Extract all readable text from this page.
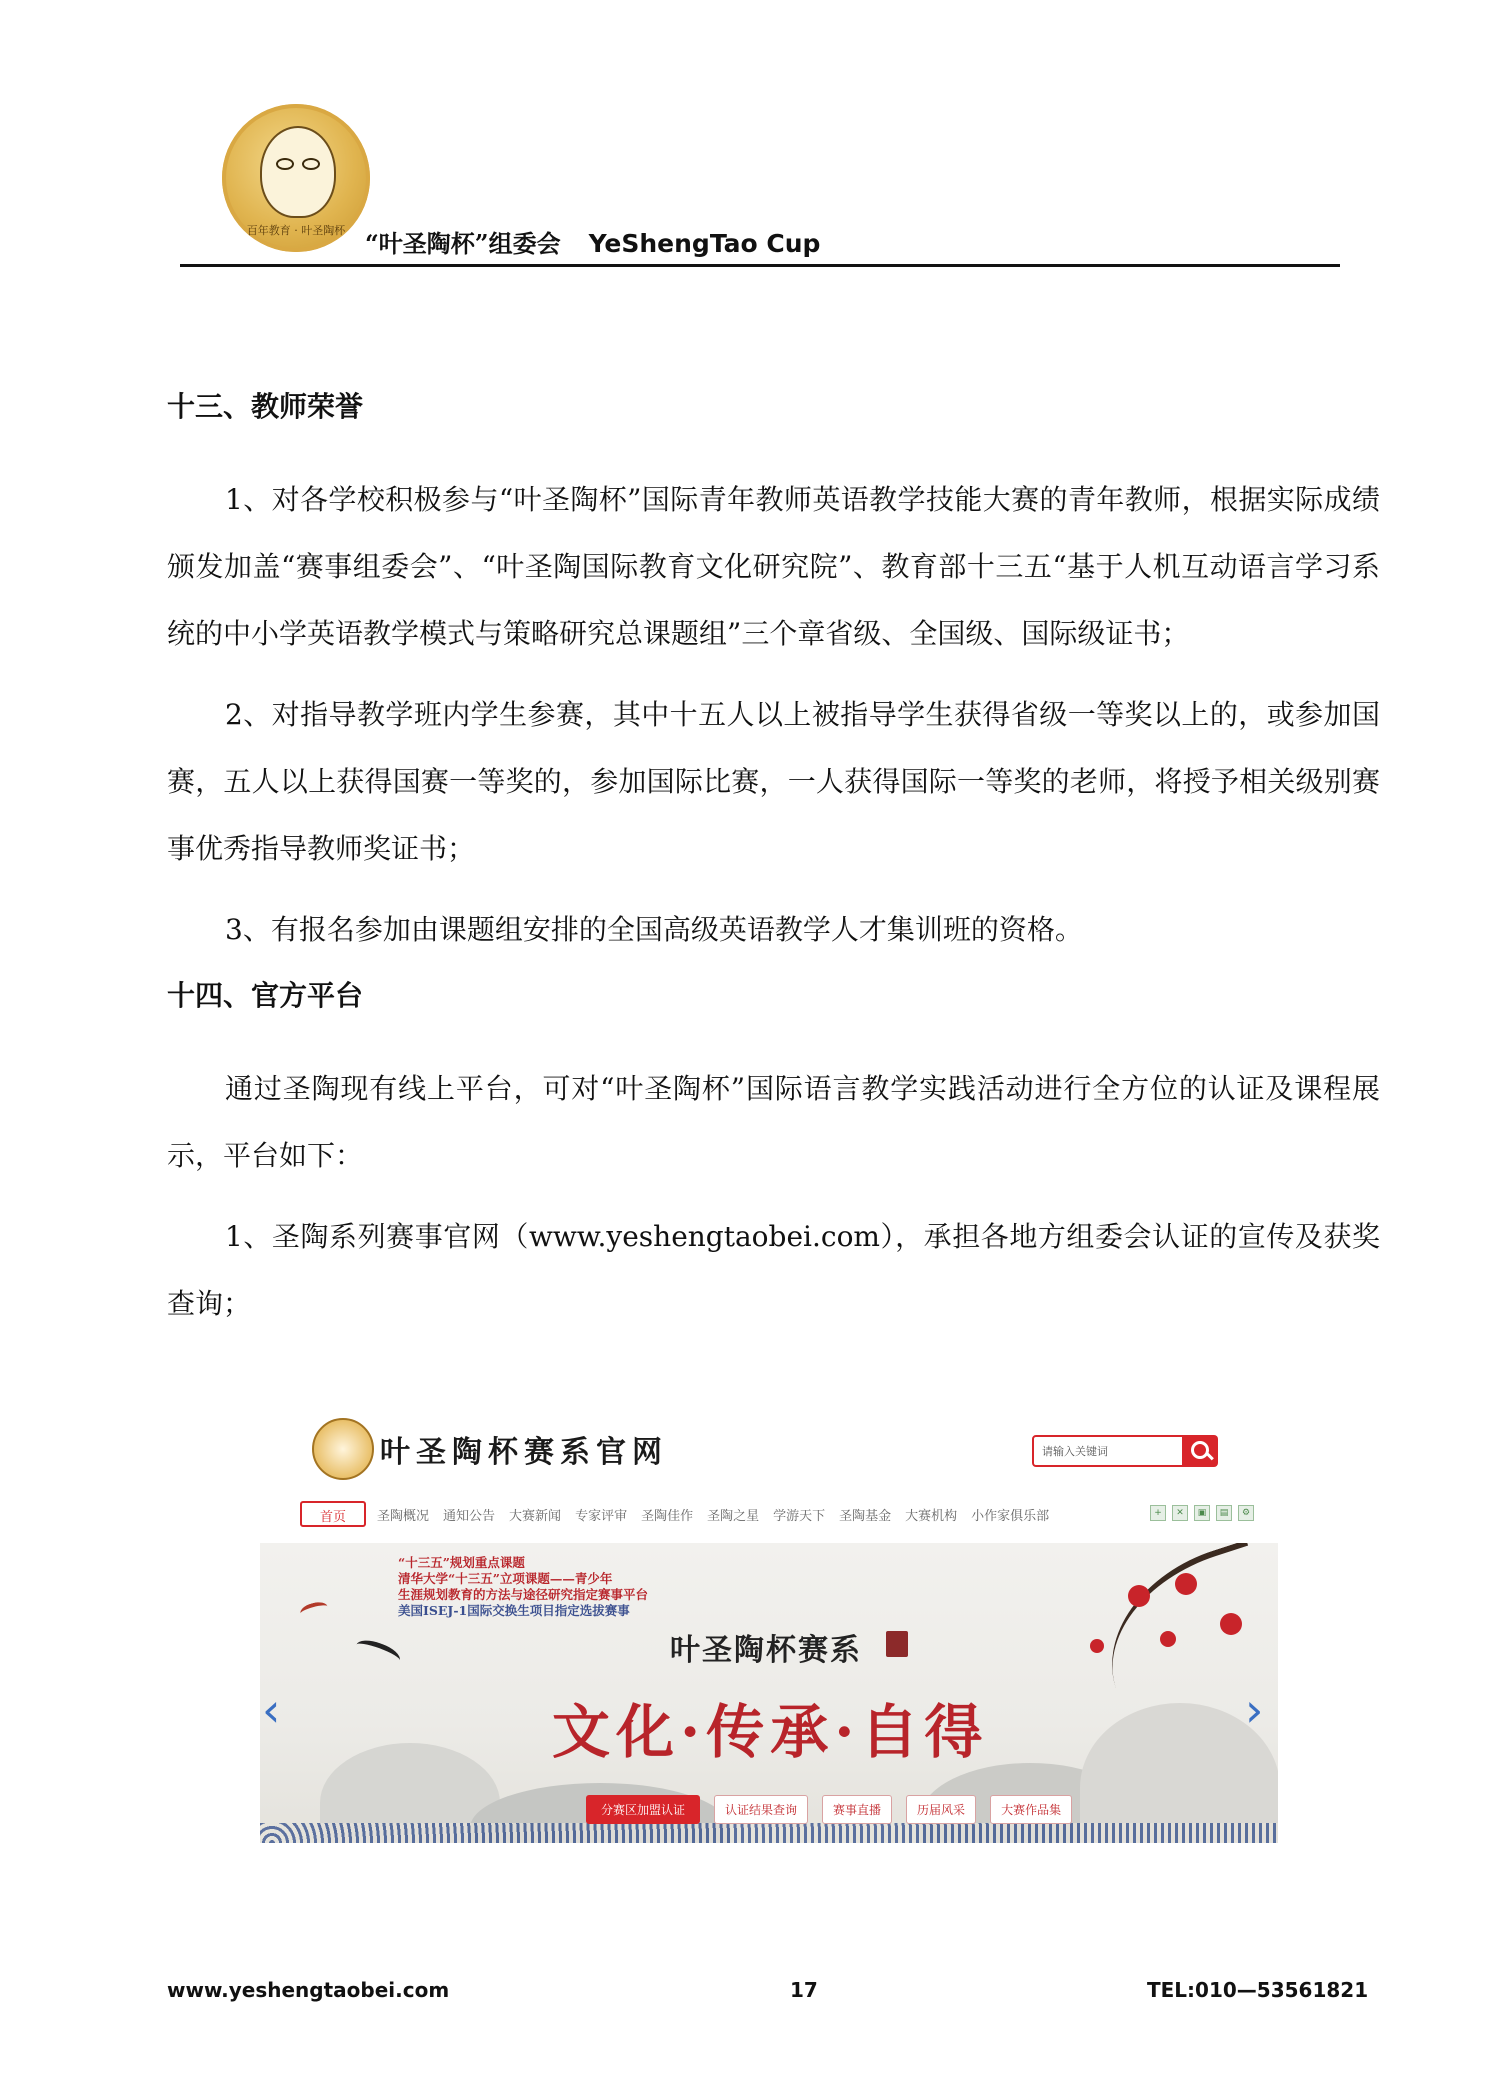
百年教育 · 叶圣陶杯 “叶圣陶杯”组委会 YeShengTao Cup
十三、教师荣誉

1、对各学校积极参与“叶圣陶杯”国际青年教师英语教学技能大赛的青年教师，根据实际成绩颁发加盖“赛事组委会”、“叶圣陶国际教育文化研究院”、教育部十三五“基于人机互动语言学习系统的中小学英语教学模式与策略研究总课题组”三个章省级、全国级、国际级证书；

2、对指导教学班内学生参赛，其中十五人以上被指导学生获得省级一等奖以上的，或参加国赛，五人以上获得国赛一等奖的，参加国际比赛，一人获得国际一等奖的老师，将授予相关级别赛事优秀指导教师奖证书；

3、有报名参加由课题组安排的全国高级英语教学人才集训班的资格。

十四、官方平台

通过圣陶现有线上平台，可对“叶圣陶杯”国际语言教学实践活动进行全方位的认证及课程展示，平台如下：

1、圣陶系列赛事官网（www.yeshengtaobei.com），承担各地方组委会认证的宣传及获奖查询；

叶圣陶杯赛系官网	请输入关键词
首页	圣陶概况	通知公告	大赛新闻	专家评审	圣陶佳作	圣陶之星	学游天下	圣陶基金	大赛机构	小作家俱乐部	+	✕	▣	▤	⚙
“十三五”规划重点课题
清华大学“十三五”立项课题——青少年
生涯规划教育的方法与途径研究指定赛事平台
美国ISEJ-1国际交换生项目指定选拔赛事
叶圣陶杯赛系
文化·传承·自得
‹	›
分赛区加盟认证	认证结果查询	赛事直播	历届风采	大赛作品集
www.yeshengtaobei.com	17	TEL:010—53561821
